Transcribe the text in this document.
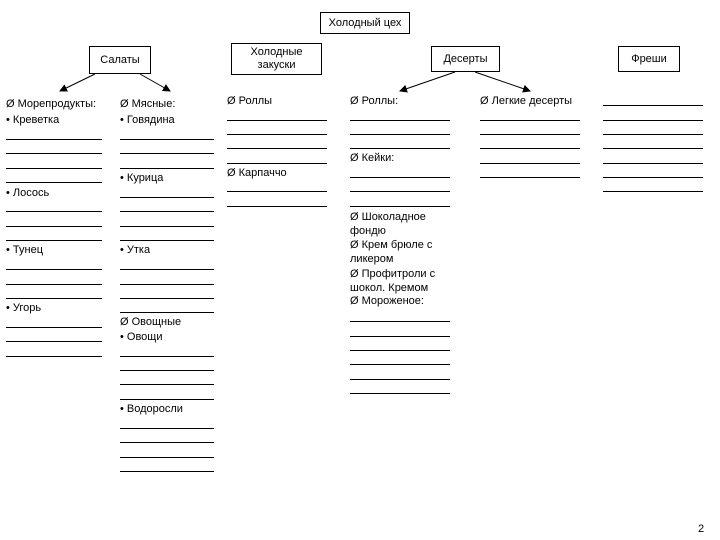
Холодный цех
Салаты
Холодные закуски
Десерты	Фреши
Ø Морепродукты:
• Креветка
• Лосось
• Тунец
• Угорь
Ø Мясные:
• Говядина
• Курица
• Утка
Ø Овощные
• Овощи
• Водоросли
Ø Роллы
Ø Карпаччо
Ø Роллы:
Ø Кейки:
Ø Шоколадное фондю
Ø Крем брюле с ликером
Ø Профитроли с шокол. Кремом
Ø Мороженое:
Ø Легкие десерты
2
